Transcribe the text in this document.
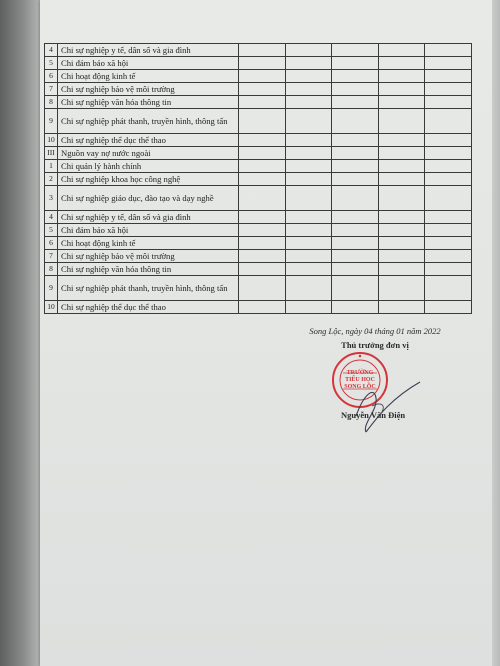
4	Chi sự nghiệp y tế, dân số và gia đình					
5	Chi đảm bảo xã hội					
6	Chi hoạt động kinh tế					
7	Chi sự nghiệp bảo vệ môi trường					
8	Chi sự nghiệp văn hóa thông tin					
9	Chi sự nghiệp phát thanh, truyền hình, thông tấn					
10	Chi sự nghiệp thể dục thể thao					
III	Nguồn vay nợ nước ngoài					
1	Chi quản lý hành chính					
2	Chi sự nghiệp khoa học công nghệ					
3	Chi sự nghiệp giáo dục, đào tạo và dạy nghề					
4	Chi sự nghiệp y tế, dân số và gia đình					
5	Chi đảm bảo xã hội					
6	Chi hoạt động kinh tế					
7	Chi sự nghiệp bảo vệ môi trường					
8	Chi sự nghiệp văn hóa thông tin					
9	Chi sự nghiệp phát thanh, truyền hình, thông tấn					
10	Chi sự nghiệp thể dục thể thao					
TRƯỜNG TIỂU HỌC SONG LỘC
Song Lộc, ngày 04 tháng 01 năm 2022
Thủ trưởng đơn vị
Nguyễn Văn Điện
